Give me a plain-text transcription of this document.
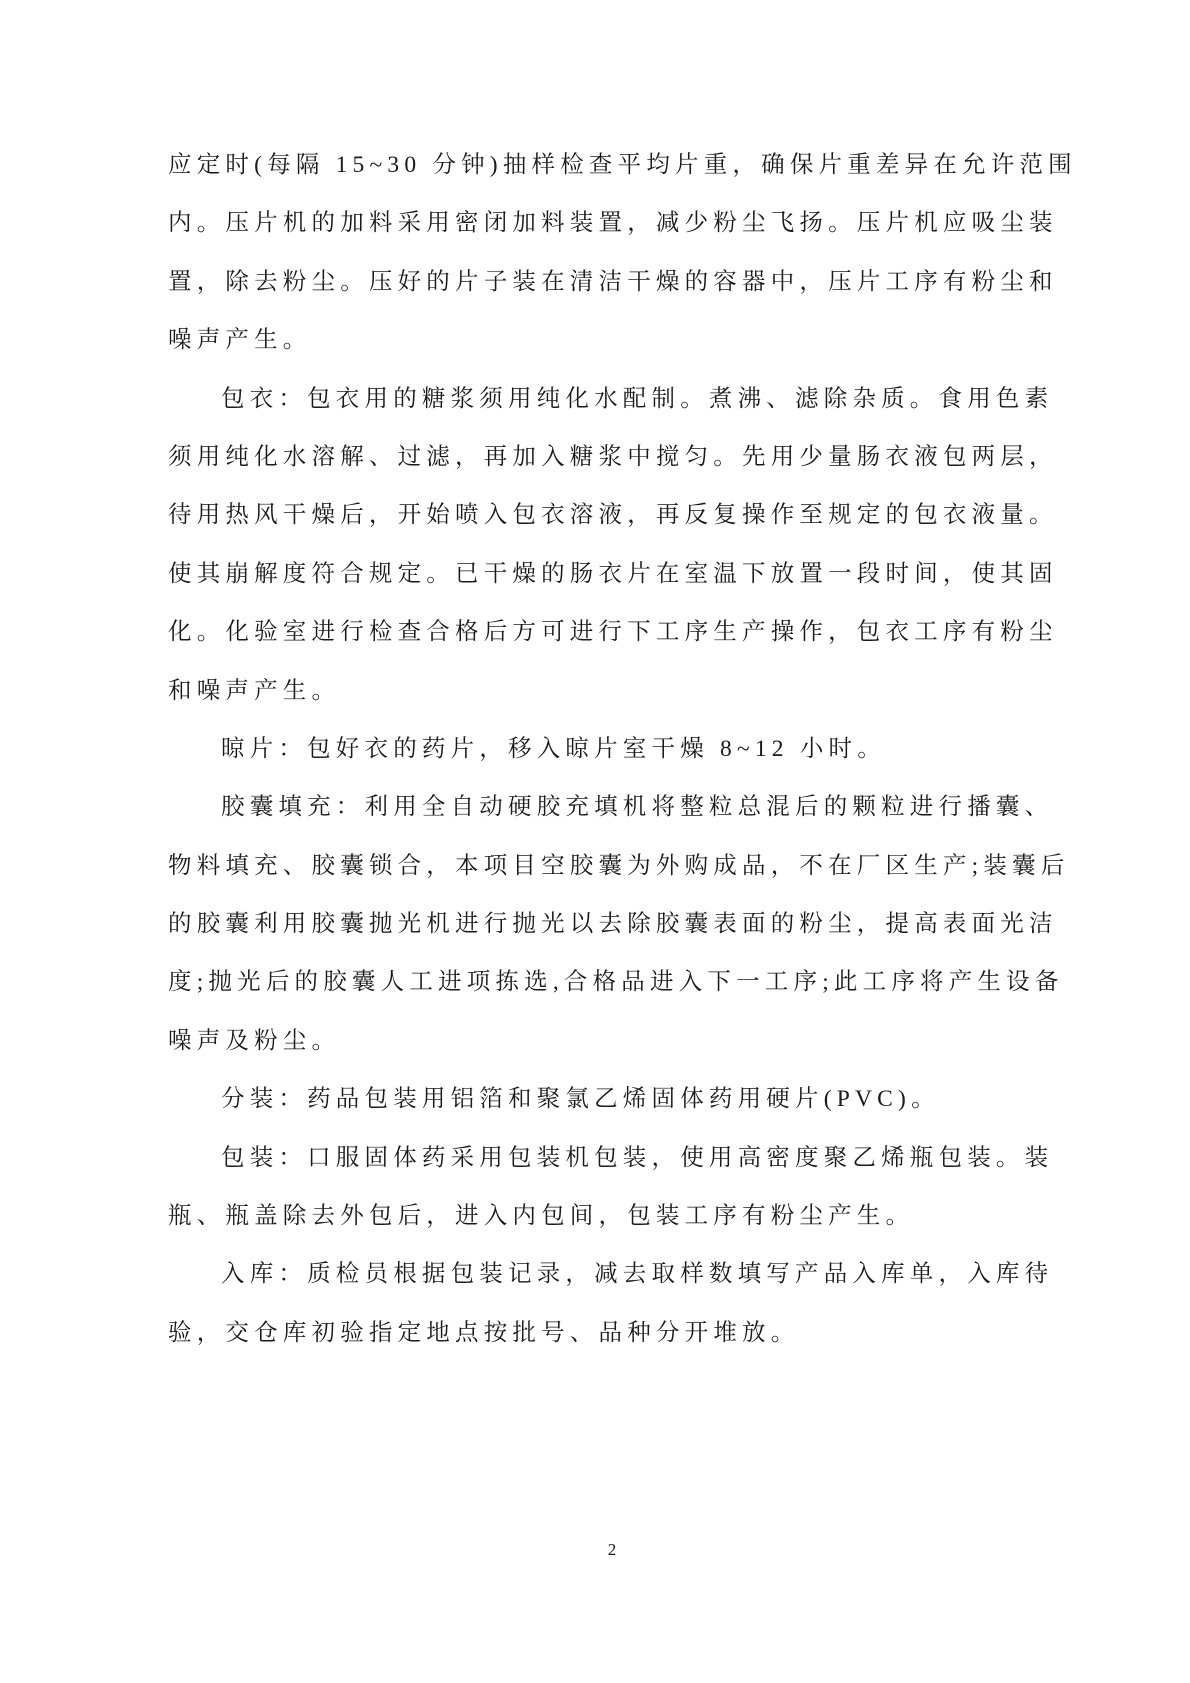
应定时(每隔 15~30 分钟)抽样检查平均片重，确保片重差异在允许范围
内。压片机的加料采用密闭加料装置，减少粉尘飞扬。压片机应吸尘装
置，除去粉尘。压好的片子装在清洁干燥的容器中，压片工序有粉尘和
噪声产生。
包衣：包衣用的糖浆须用纯化水配制。煮沸、滤除杂质。食用色素
须用纯化水溶解、过滤，再加入糖浆中搅匀。先用少量肠衣液包两层，
待用热风干燥后，开始喷入包衣溶液，再反复操作至规定的包衣液量。
使其崩解度符合规定。已干燥的肠衣片在室温下放置一段时间，使其固
化。化验室进行检查合格后方可进行下工序生产操作，包衣工序有粉尘
和噪声产生。
晾片：包好衣的药片，移入晾片室干燥 8~12 小时。
胶囊填充：利用全自动硬胶充填机将整粒总混后的颗粒进行播囊、
物料填充、胶囊锁合，本项目空胶囊为外购成品，不在厂区生产;装囊后
的胶囊利用胶囊抛光机进行抛光以去除胶囊表面的粉尘，提高表面光洁
度;抛光后的胶囊人工进项拣选,合格品进入下一工序;此工序将产生设备
噪声及粉尘。
分装：药品包装用铝箔和聚氯乙烯固体药用硬片(PVC)。
包装：口服固体药采用包装机包装，使用高密度聚乙烯瓶包装。装
瓶、瓶盖除去外包后，进入内包间，包装工序有粉尘产生。
入库：质检员根据包装记录，减去取样数填写产品入库单，入库待
验，交仓库初验指定地点按批号、品种分开堆放。
2
